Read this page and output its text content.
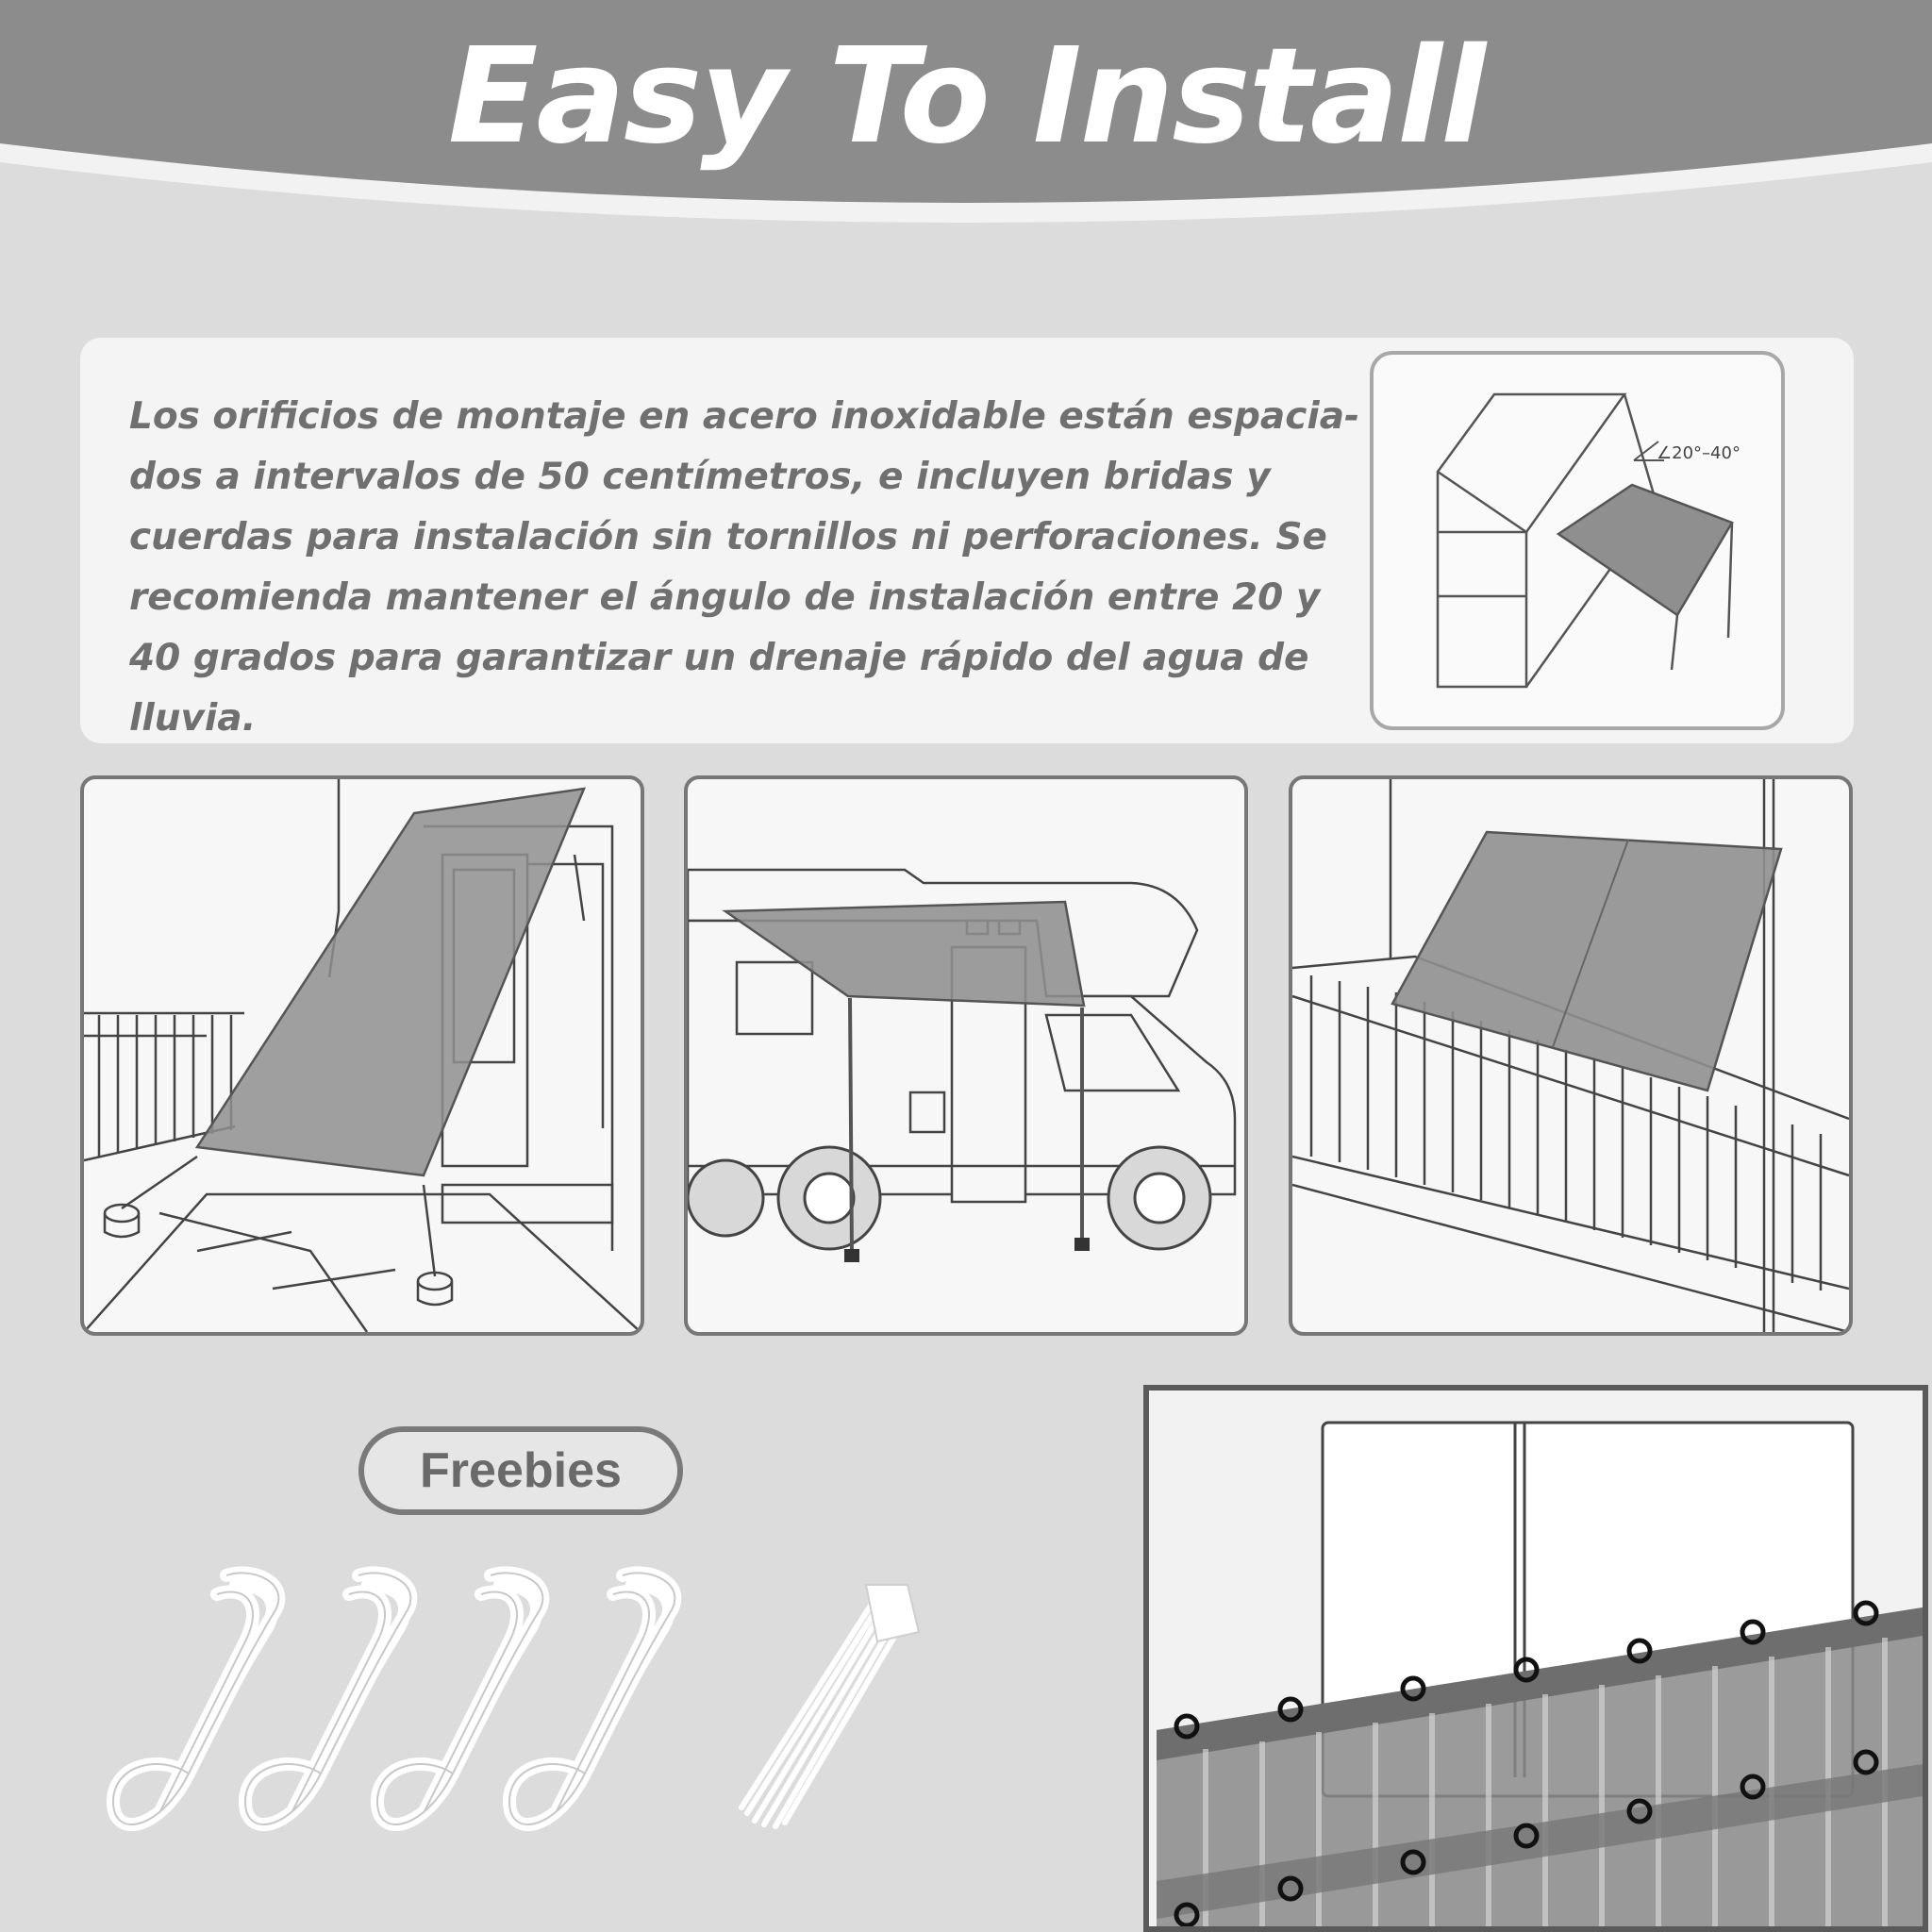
Easy To Install

Los orificios de montaje en acero inoxidable están espacia-dos a intervalos de 50 centímetros, e incluyen bridas y cuerdas para instalación sin tornillos ni perforaciones. Se recomienda mantener el ángulo de instalación entre 20 y 40 grados para garantizar un drenaje rápido del agua de lluvia.

∠20°–40°
Freebies
